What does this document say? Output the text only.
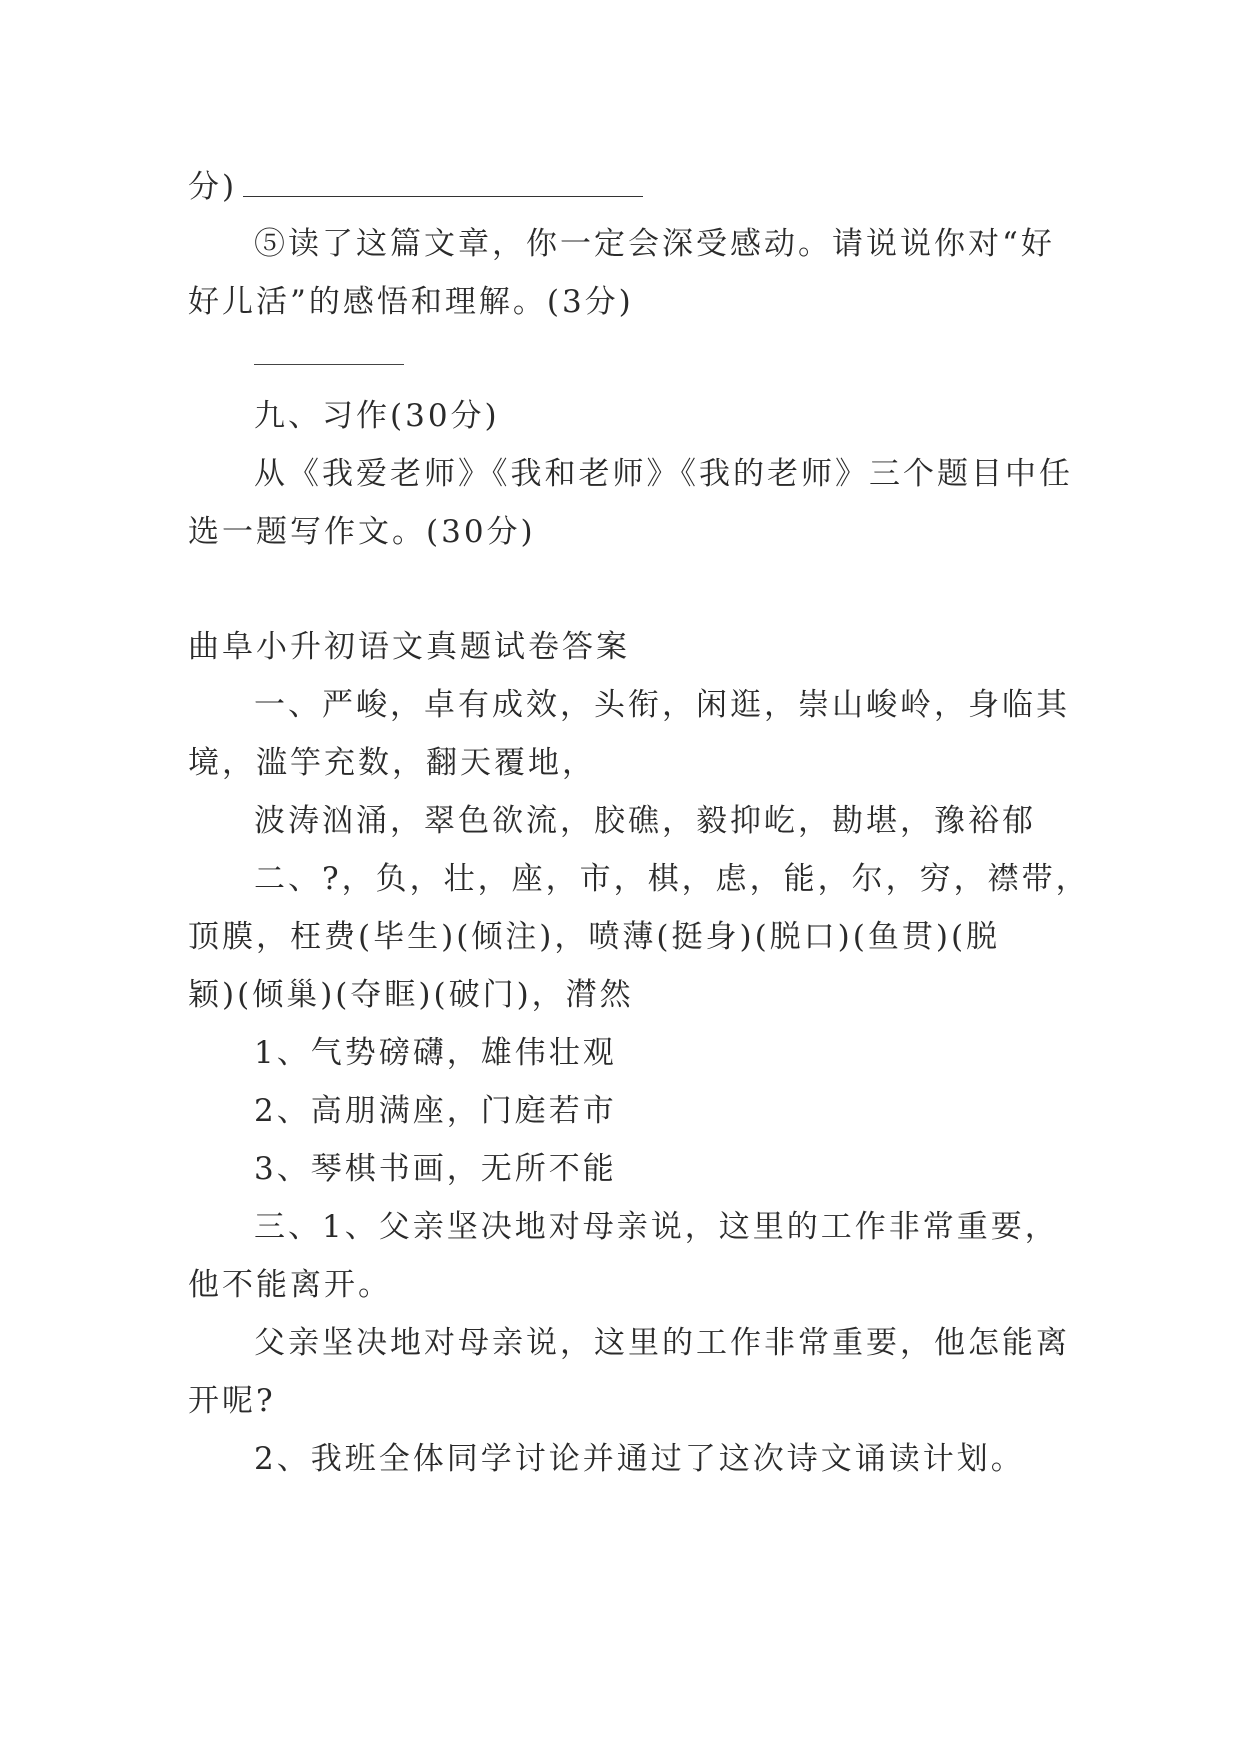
分)
⑤读了这篇文章，你一定会深受感动。请说说你对“好
好儿活”的感悟和理解。(3分)
九、习作(30分)
从《我爱老师》《我和老师》《我的老师》三个题目中任
选一题写作文。(30分)
曲阜小升初语文真题试卷答案
一、严峻，卓有成效，头衔，闲逛，崇山峻岭，身临其
境，滥竽充数，翻天覆地，
波涛汹涌，翠色欲流，胶礁，毅抑屹，勘堪，豫裕郁
二、?，负，壮，座，市，棋，虑，能，尔，穷，襟带，
顶膜，枉费(毕生)(倾注)，喷薄(挺身)(脱口)(鱼贯)(脱
颖)(倾巢)(夺眶)(破门)，潸然
1、气势磅礴，雄伟壮观
2、高朋满座，门庭若市
3、琴棋书画，无所不能
三、1、父亲坚决地对母亲说，这里的工作非常重要，
他不能离开。
父亲坚决地对母亲说，这里的工作非常重要，他怎能离
开呢?
2、我班全体同学讨论并通过了这次诗文诵读计划。
